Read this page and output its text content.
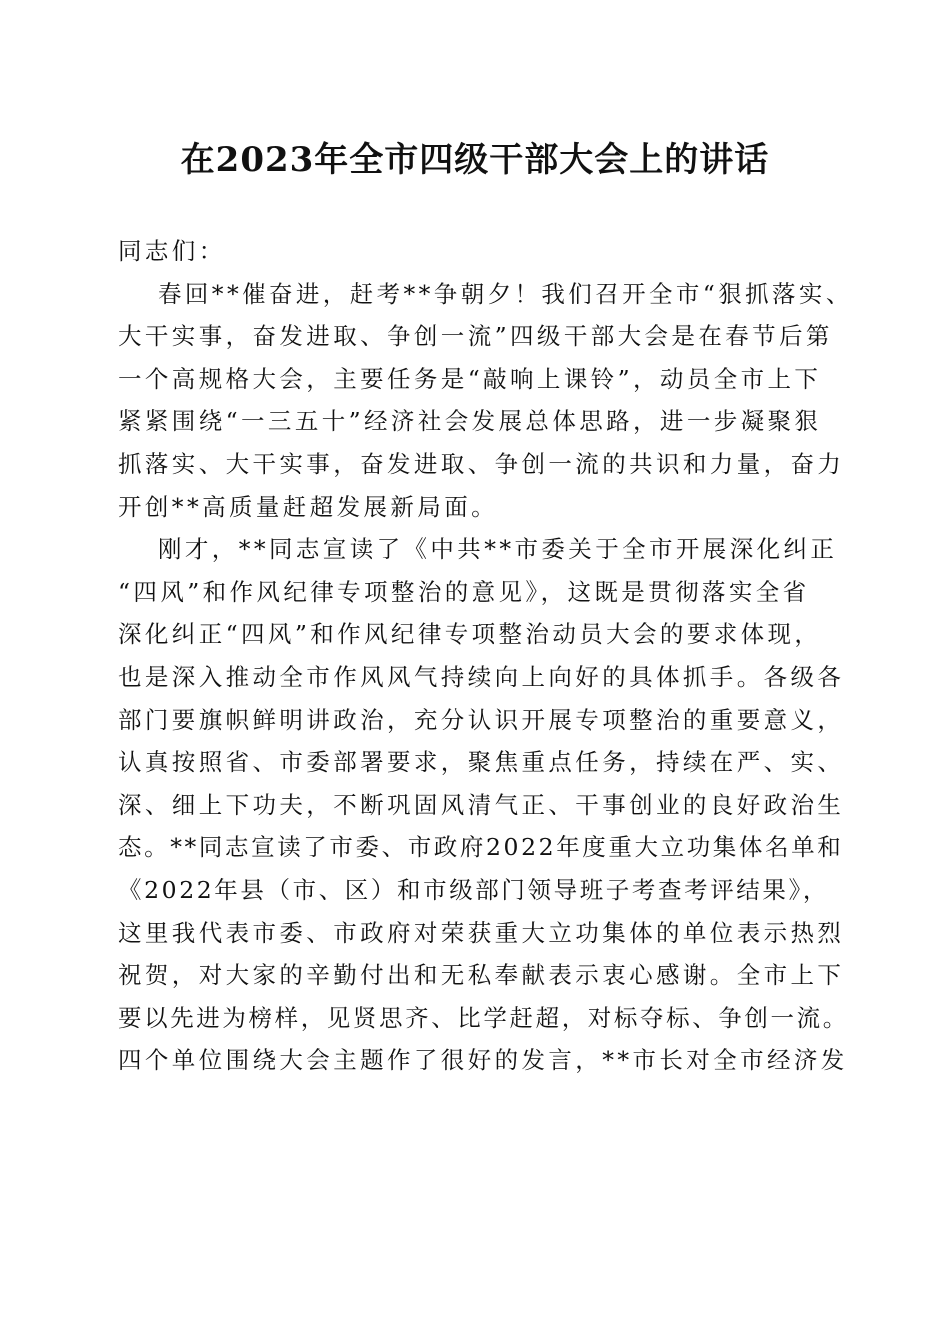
在2023年全市四级干部大会上的讲话

同志们：

春回**催奋进，赶考**争朝夕！我们召开全市“狠抓落实、

大干实事，奋发进取、争创一流”四级干部大会是在春节后第

一个高规格大会，主要任务是“敲响上课铃”，动员全市上下

紧紧围绕“一三五十”经济社会发展总体思路，进一步凝聚狠

抓落实、大干实事，奋发进取、争创一流的共识和力量，奋力

开创**高质量赶超发展新局面。

刚才，**同志宣读了《中共**市委关于全市开展深化纠正

“四风”和作风纪律专项整治的意见》，这既是贯彻落实全省

深化纠正“四风”和作风纪律专项整治动员大会的要求体现，

也是深入推动全市作风风气持续向上向好的具体抓手。各级各

部门要旗帜鲜明讲政治，充分认识开展专项整治的重要意义，

认真按照省、市委部署要求，聚焦重点任务，持续在严、实、

深、细上下功夫，不断巩固风清气正、干事创业的良好政治生

态。**同志宣读了市委、市政府2022年度重大立功集体名单和

《2022年县（市、区）和市级部门领导班子考查考评结果》，

这里我代表市委、市政府对荣获重大立功集体的单位表示热烈

祝贺，对大家的辛勤付出和无私奉献表示衷心感谢。全市上下

要以先进为榜样，见贤思齐、比学赶超，对标夺标、争创一流。

四个单位围绕大会主题作了很好的发言，**市长对全市经济发
